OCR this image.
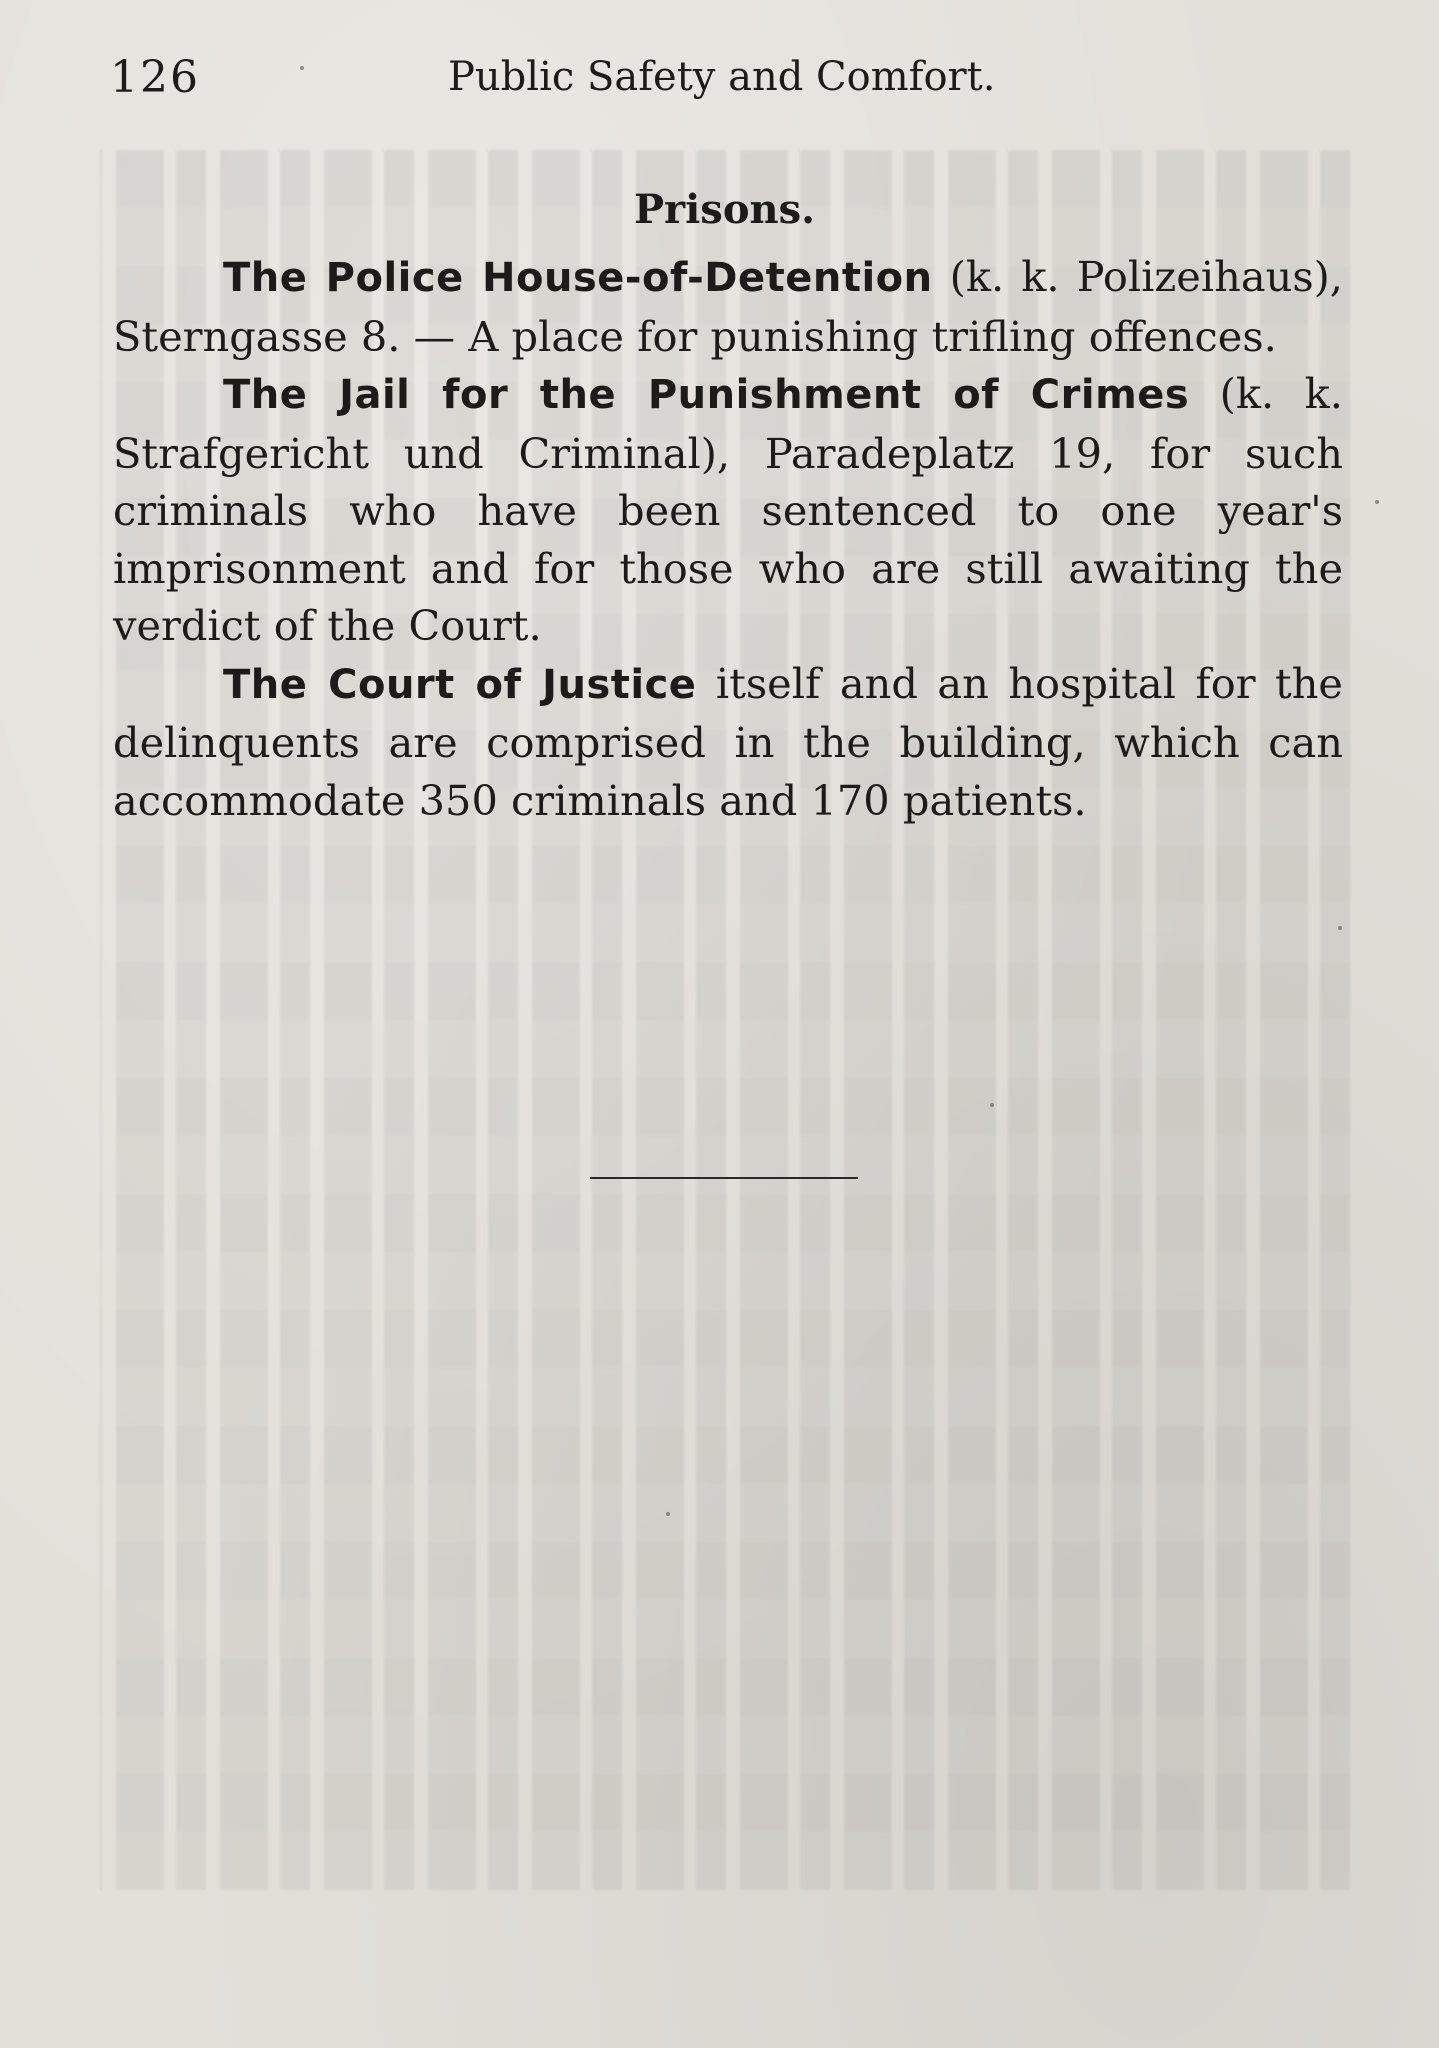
126	Public Safety and Comfort.
Prisons.

The Police House-of-Detention (k. k. Polizeihaus), Sterngasse 8. — A place for punishing trifling offences.

The Jail for the Punishment of Crimes (k. k. Strafgericht und Criminal), Paradeplatz 19, for such criminals who have been sentenced to one year's imprisonment and for those who are still awaiting the verdict of the Court.

The Court of Justice itself and an hospital for the delinquents are comprised in the building, which can accommodate 350 criminals and 170 patients.
